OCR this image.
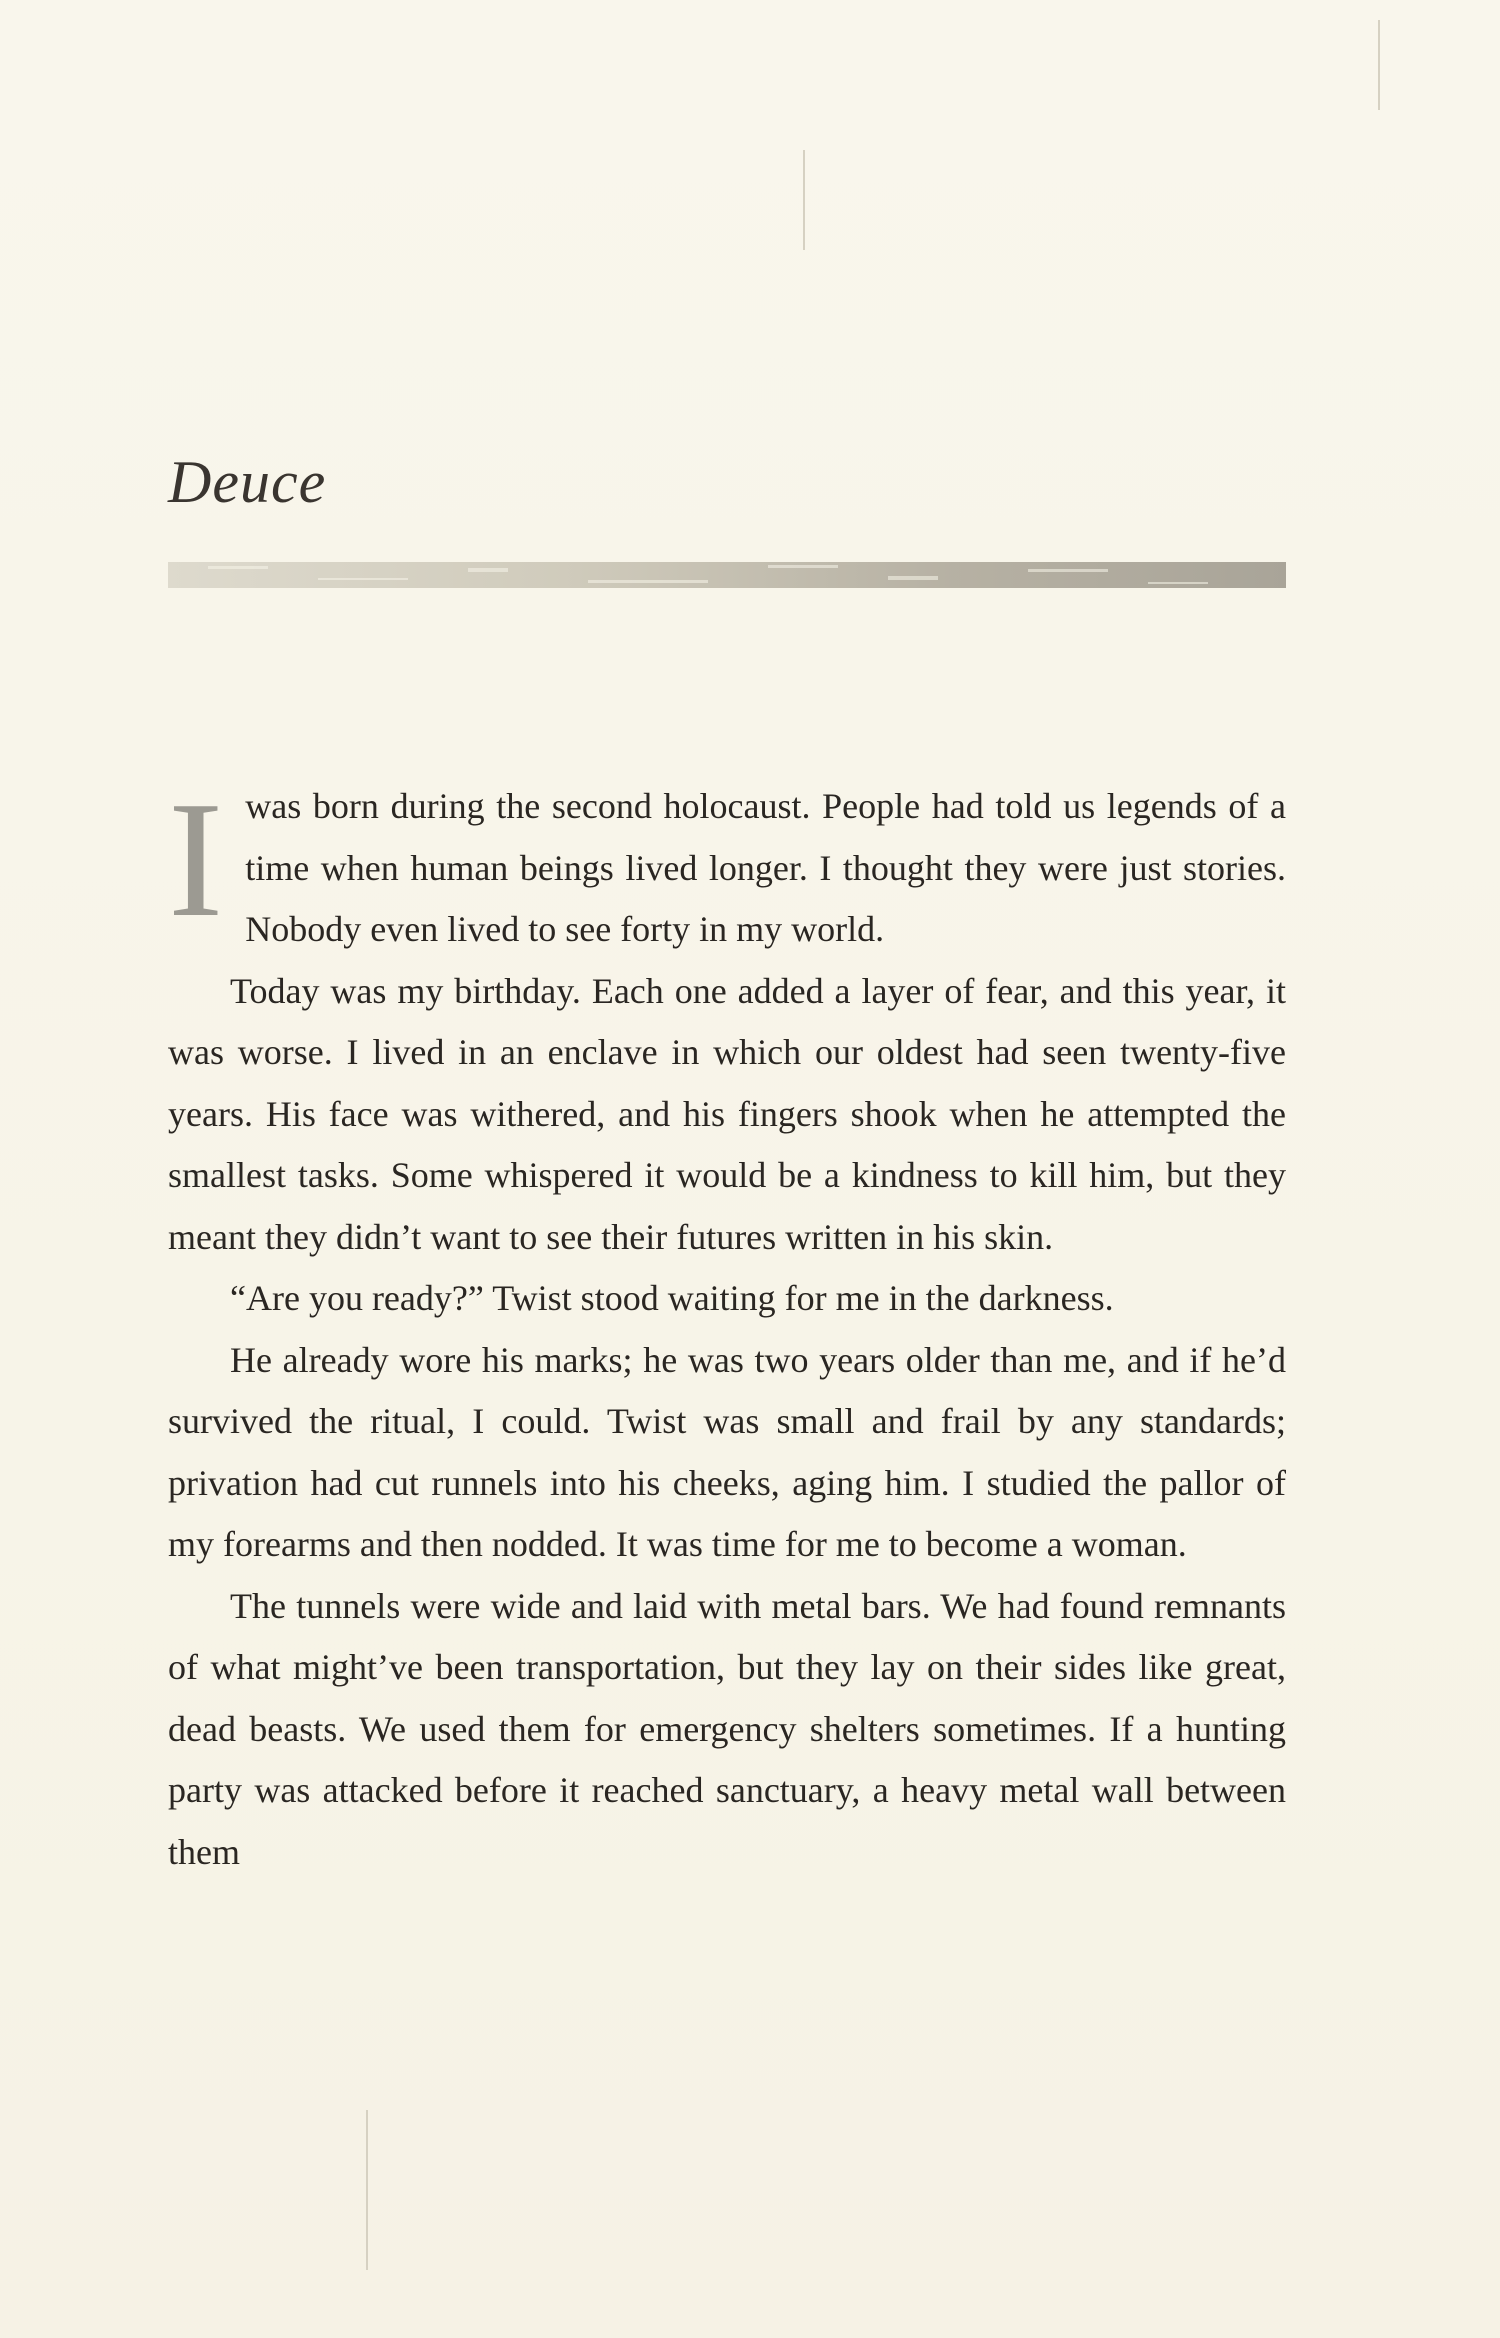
Deuce

Iwas born during the second holocaust. People had told us legends of a time when human beings lived longer. I thought they were just stories. Nobody even lived to see forty in my world.

Today was my birthday. Each one added a layer of fear, and this year, it was worse. I lived in an enclave in which our oldest had seen twenty-five years. His face was withered, and his fingers shook when he attempted the smallest tasks. Some whispered it would be a kindness to kill him, but they meant they didn’t want to see their futures written in his skin.

“Are you ready?” Twist stood waiting for me in the darkness.

He already wore his marks; he was two years older than me, and if he’d survived the ritual, I could. Twist was small and frail by any standards; privation had cut runnels into his cheeks, aging him. I studied the pallor of my forearms and then nodded. It was time for me to become a woman.

The tunnels were wide and laid with metal bars. We had found remnants of what might’ve been transportation, but they lay on their sides like great, dead beasts. We used them for emergency shelters sometimes. If a hunting party was attacked before it reached sanctuary, a heavy metal wall between them
